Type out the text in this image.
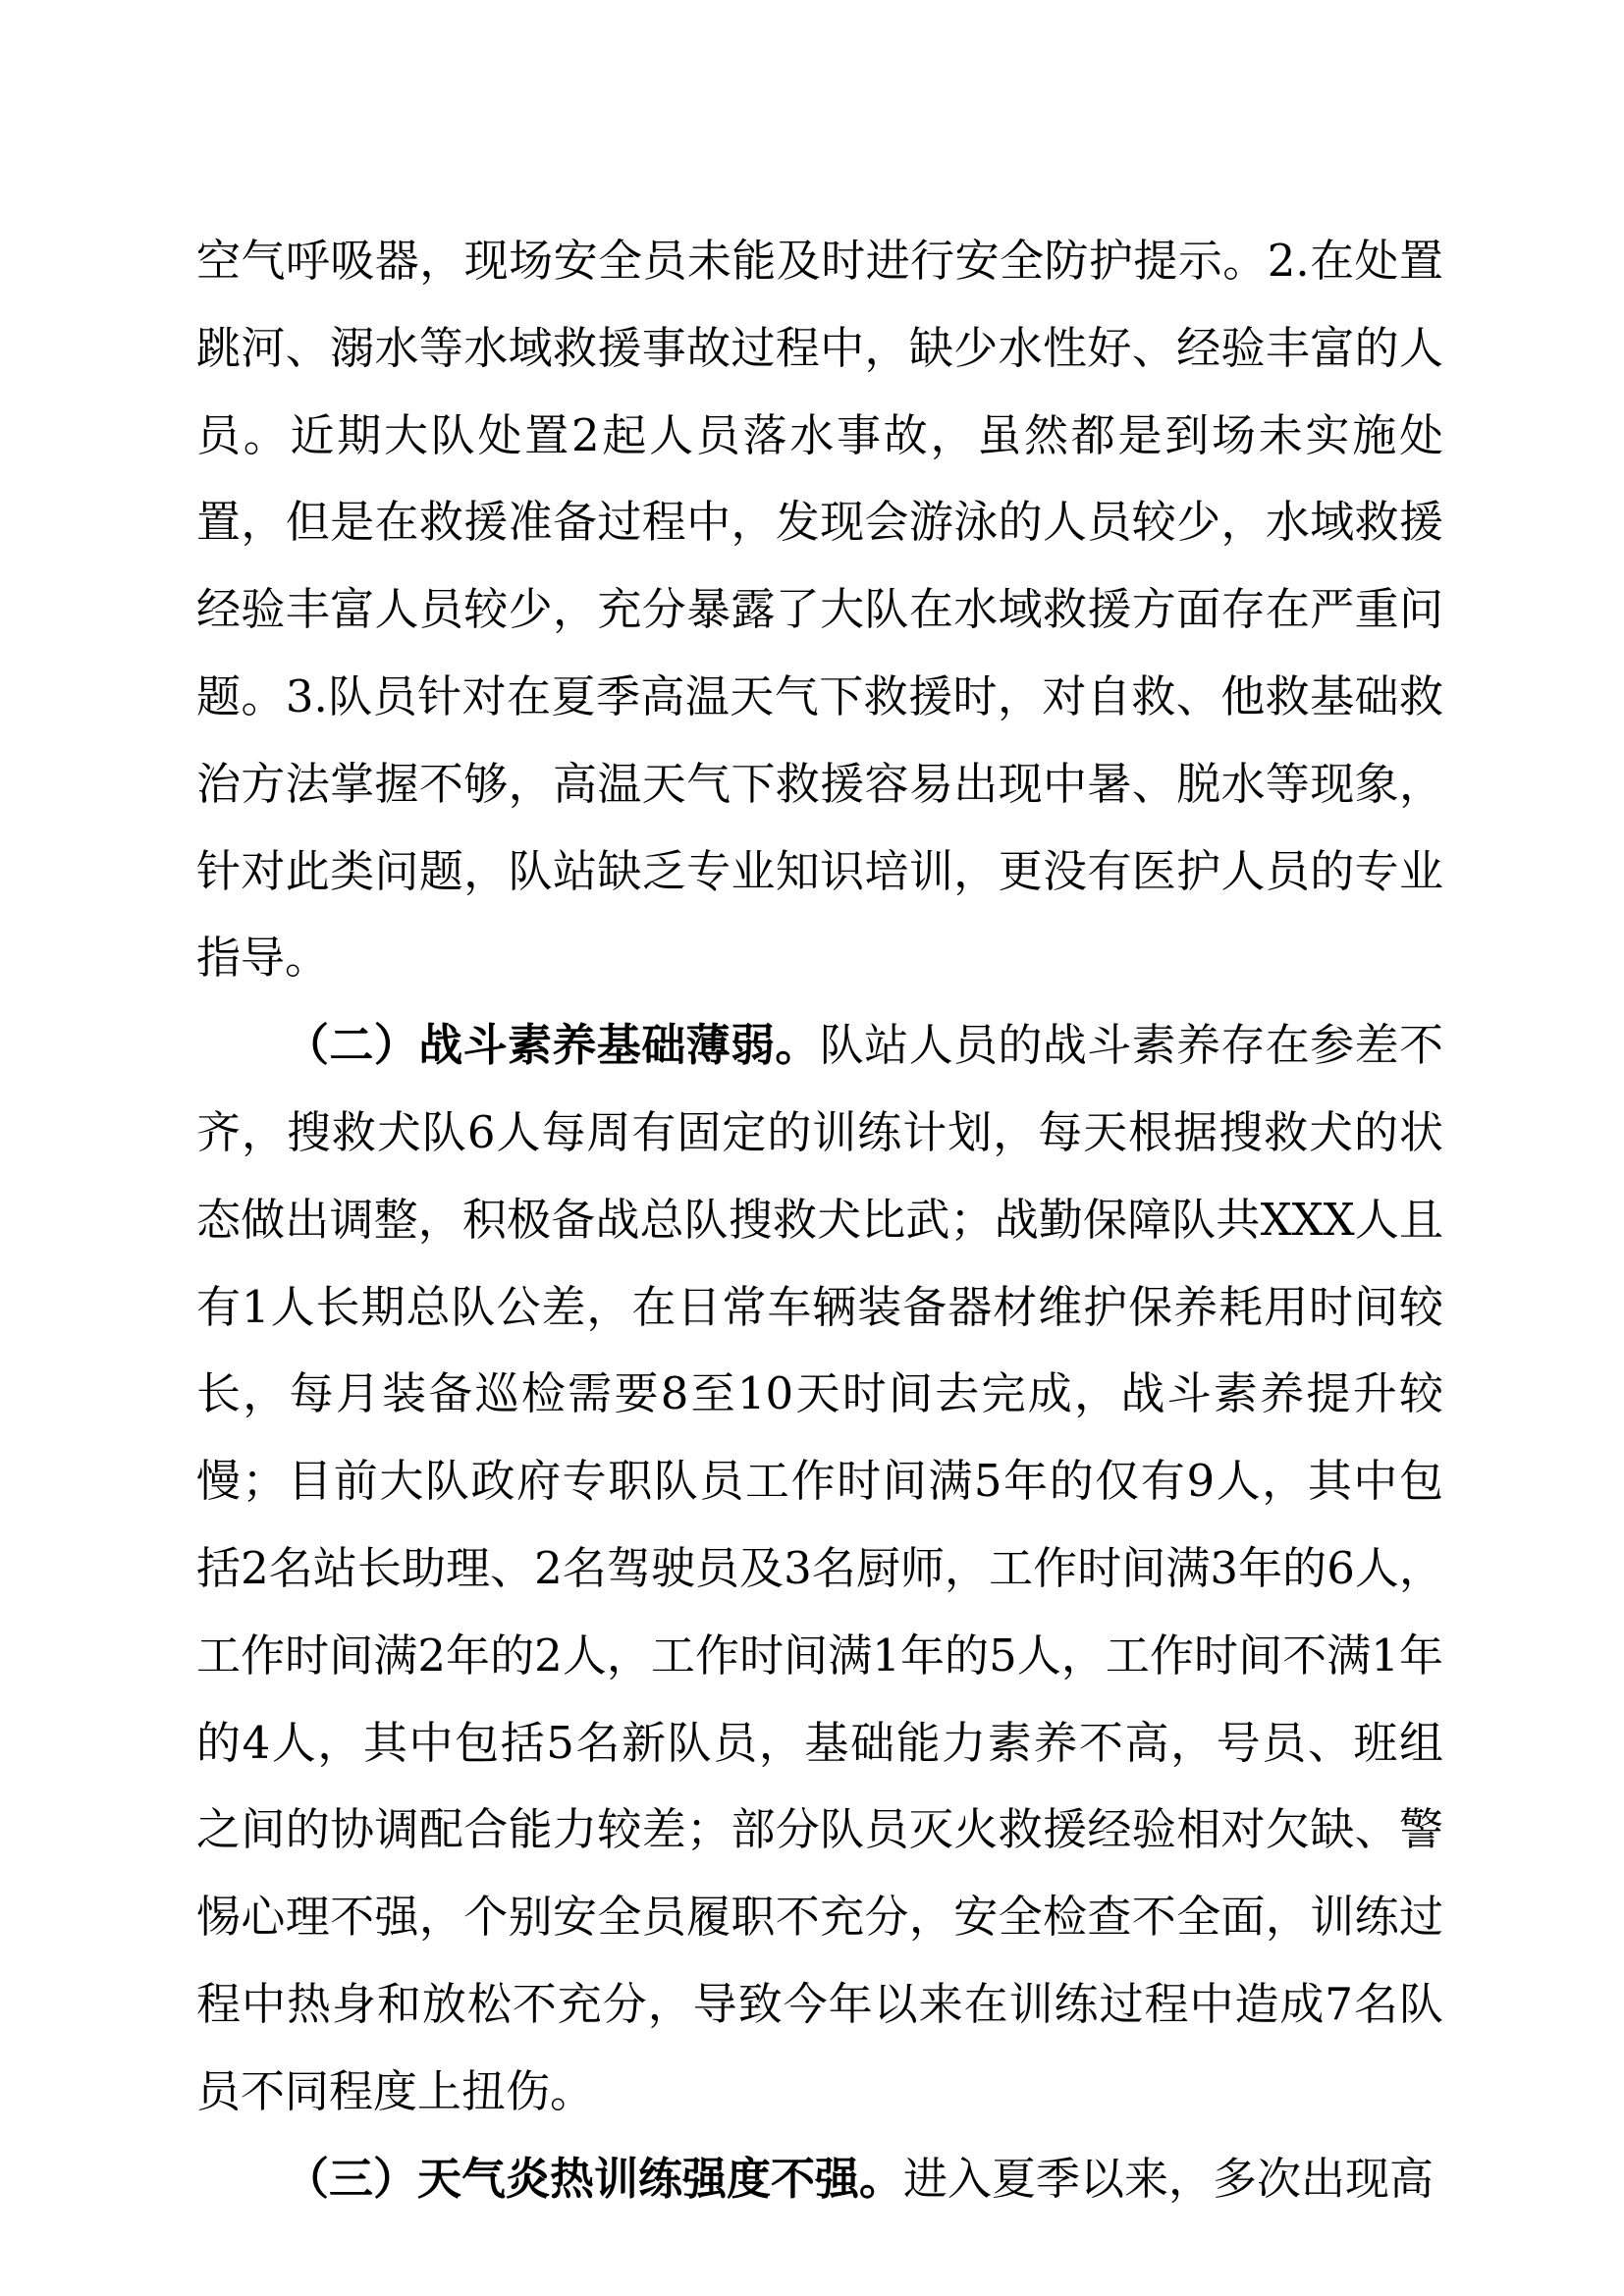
空气呼吸器，现场安全员未能及时进行安全防护提示。2.在处置跳河、溺水等水域救援事故过程中，缺少水性好、经验丰富的人员。近期大队处置2起人员落水事故，虽然都是到场未实施处置，但是在救援准备过程中，发现会游泳的人员较少，水域救援经验丰富人员较少，充分暴露了大队在水域救援方面存在严重问题。3.队员针对在夏季高温天气下救援时，对自救、他救基础救治方法掌握不够，高温天气下救援容易出现中暑、脱水等现象，针对此类问题，队站缺乏专业知识培训，更没有医护人员的专业指导。

（二）战斗素养基础薄弱。队站人员的战斗素养存在参差不齐，搜救犬队6人每周有固定的训练计划，每天根据搜救犬的状态做出调整，积极备战总队搜救犬比武；战勤保障队共XXX人且有1人长期总队公差，在日常车辆装备器材维护保养耗用时间较长，每月装备巡检需要8至10天时间去完成，战斗素养提升较慢；目前大队政府专职队员工作时间满5年的仅有9人，其中包括2名站长助理、2名驾驶员及3名厨师，工作时间满3年的6人，工作时间满2年的2人，工作时间满1年的5人，工作时间不满1年的4人，其中包括5名新队员，基础能力素养不高，号员、班组之间的协调配合能力较差；部分队员灭火救援经验相对欠缺、警惕心理不强，个别安全员履职不充分，安全检查不全面，训练过程中热身和放松不充分，导致今年以来在训练过程中造成7名队员不同程度上扭伤。

（三）天气炎热训练强度不强。进入夏季以来，多次出现高
